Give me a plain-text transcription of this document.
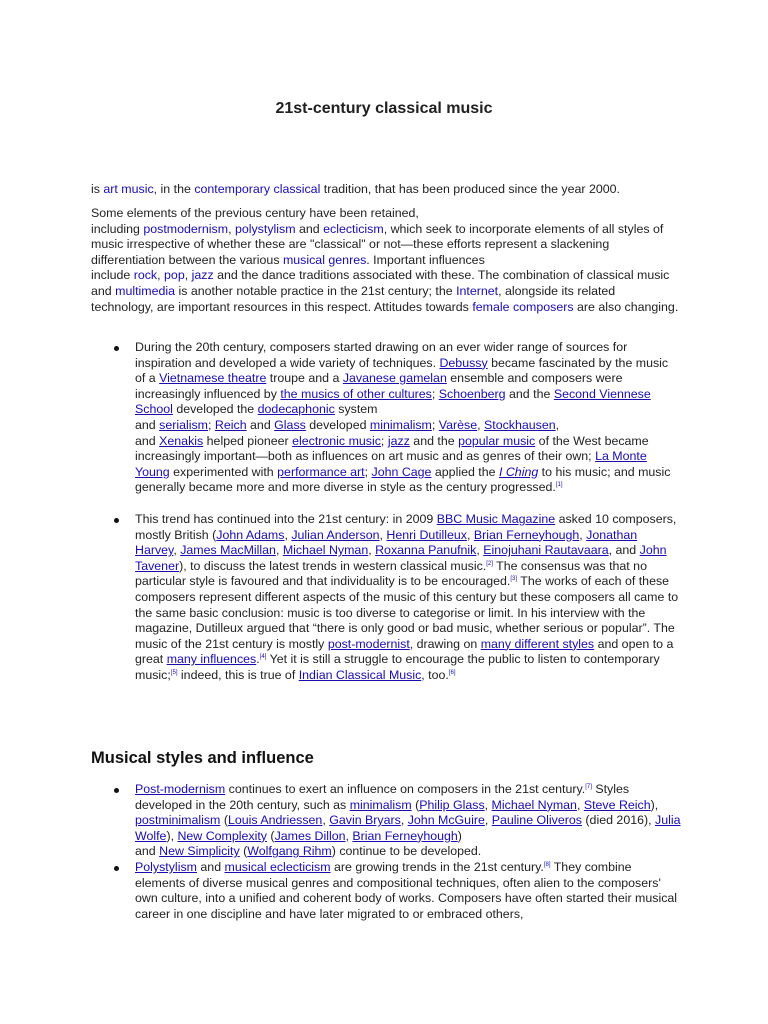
21st-century classical music

is art music, in the contemporary classical tradition, that has been produced since the year 2000.

Some elements of the previous century have been retained,
including postmodernism, polystylism and eclecticism, which seek to incorporate elements of all styles of music irrespective of whether these are "classical" or not—these efforts represent a slackening differentiation between the various musical genres. Important influences
include rock, pop, jazz and the dance traditions associated with these. The combination of classical music and multimedia is another notable practice in the 21st century; the Internet, alongside its related technology, are important resources in this respect. Attitudes towards female composers are also changing.

During the 20th century, composers started drawing on an ever wider range of sources for inspiration and developed a wide variety of techniques. Debussy became fascinated by the music of a Vietnamese theatre troupe and a Javanese gamelan ensemble and composers were increasingly influenced by the musics of other cultures; Schoenberg and the Second Viennese School developed the dodecaphonic system
and serialism; Reich and Glass developed minimalism; Varèse, Stockhausen,
and Xenakis helped pioneer electronic music; jazz and the popular music of the West became increasingly important—both as influences on art music and as genres of their own; La Monte Young experimented with performance art; John Cage applied the I Ching to his music; and music generally became more and more diverse in style as the century progressed.[1]
This trend has continued into the 21st century: in 2009 BBC Music Magazine asked 10 composers, mostly British (John Adams, Julian Anderson, Henri Dutilleux, Brian Ferneyhough, Jonathan Harvey, James MacMillan, Michael Nyman, Roxanna Panufnik, Einojuhani Rautavaara, and John Tavener), to discuss the latest trends in western classical music.[2] The consensus was that no particular style is favoured and that individuality is to be encouraged.[3] The works of each of these composers represent different aspects of the music of this century but these composers all came to the same basic conclusion: music is too diverse to categorise or limit. In his interview with the magazine, Dutilleux argued that “there is only good or bad music, whether serious or popular”. The music of the 21st century is mostly post-modernist, drawing on many different styles and open to a great many influences.[4] Yet it is still a struggle to encourage the public to listen to contemporary music;[5] indeed, this is true of Indian Classical Music, too.[6]
Musical styles and influence
Post-modernism continues to exert an influence on composers in the 21st century.[7] Styles developed in the 20th century, such as minimalism (Philip Glass, Michael Nyman, Steve Reich), postminimalism (Louis Andriessen, Gavin Bryars, John McGuire, Pauline Oliveros (died 2016), Julia Wolfe), New Complexity (James Dillon, Brian Ferneyhough)
and New Simplicity (Wolfgang Rihm) continue to be developed.
Polystylism and musical eclecticism are growing trends in the 21st century.[8] They combine elements of diverse musical genres and compositional techniques, often alien to the composers' own culture, into a unified and coherent body of works. Composers have often started their musical career in one discipline and have later migrated to or embraced others,
